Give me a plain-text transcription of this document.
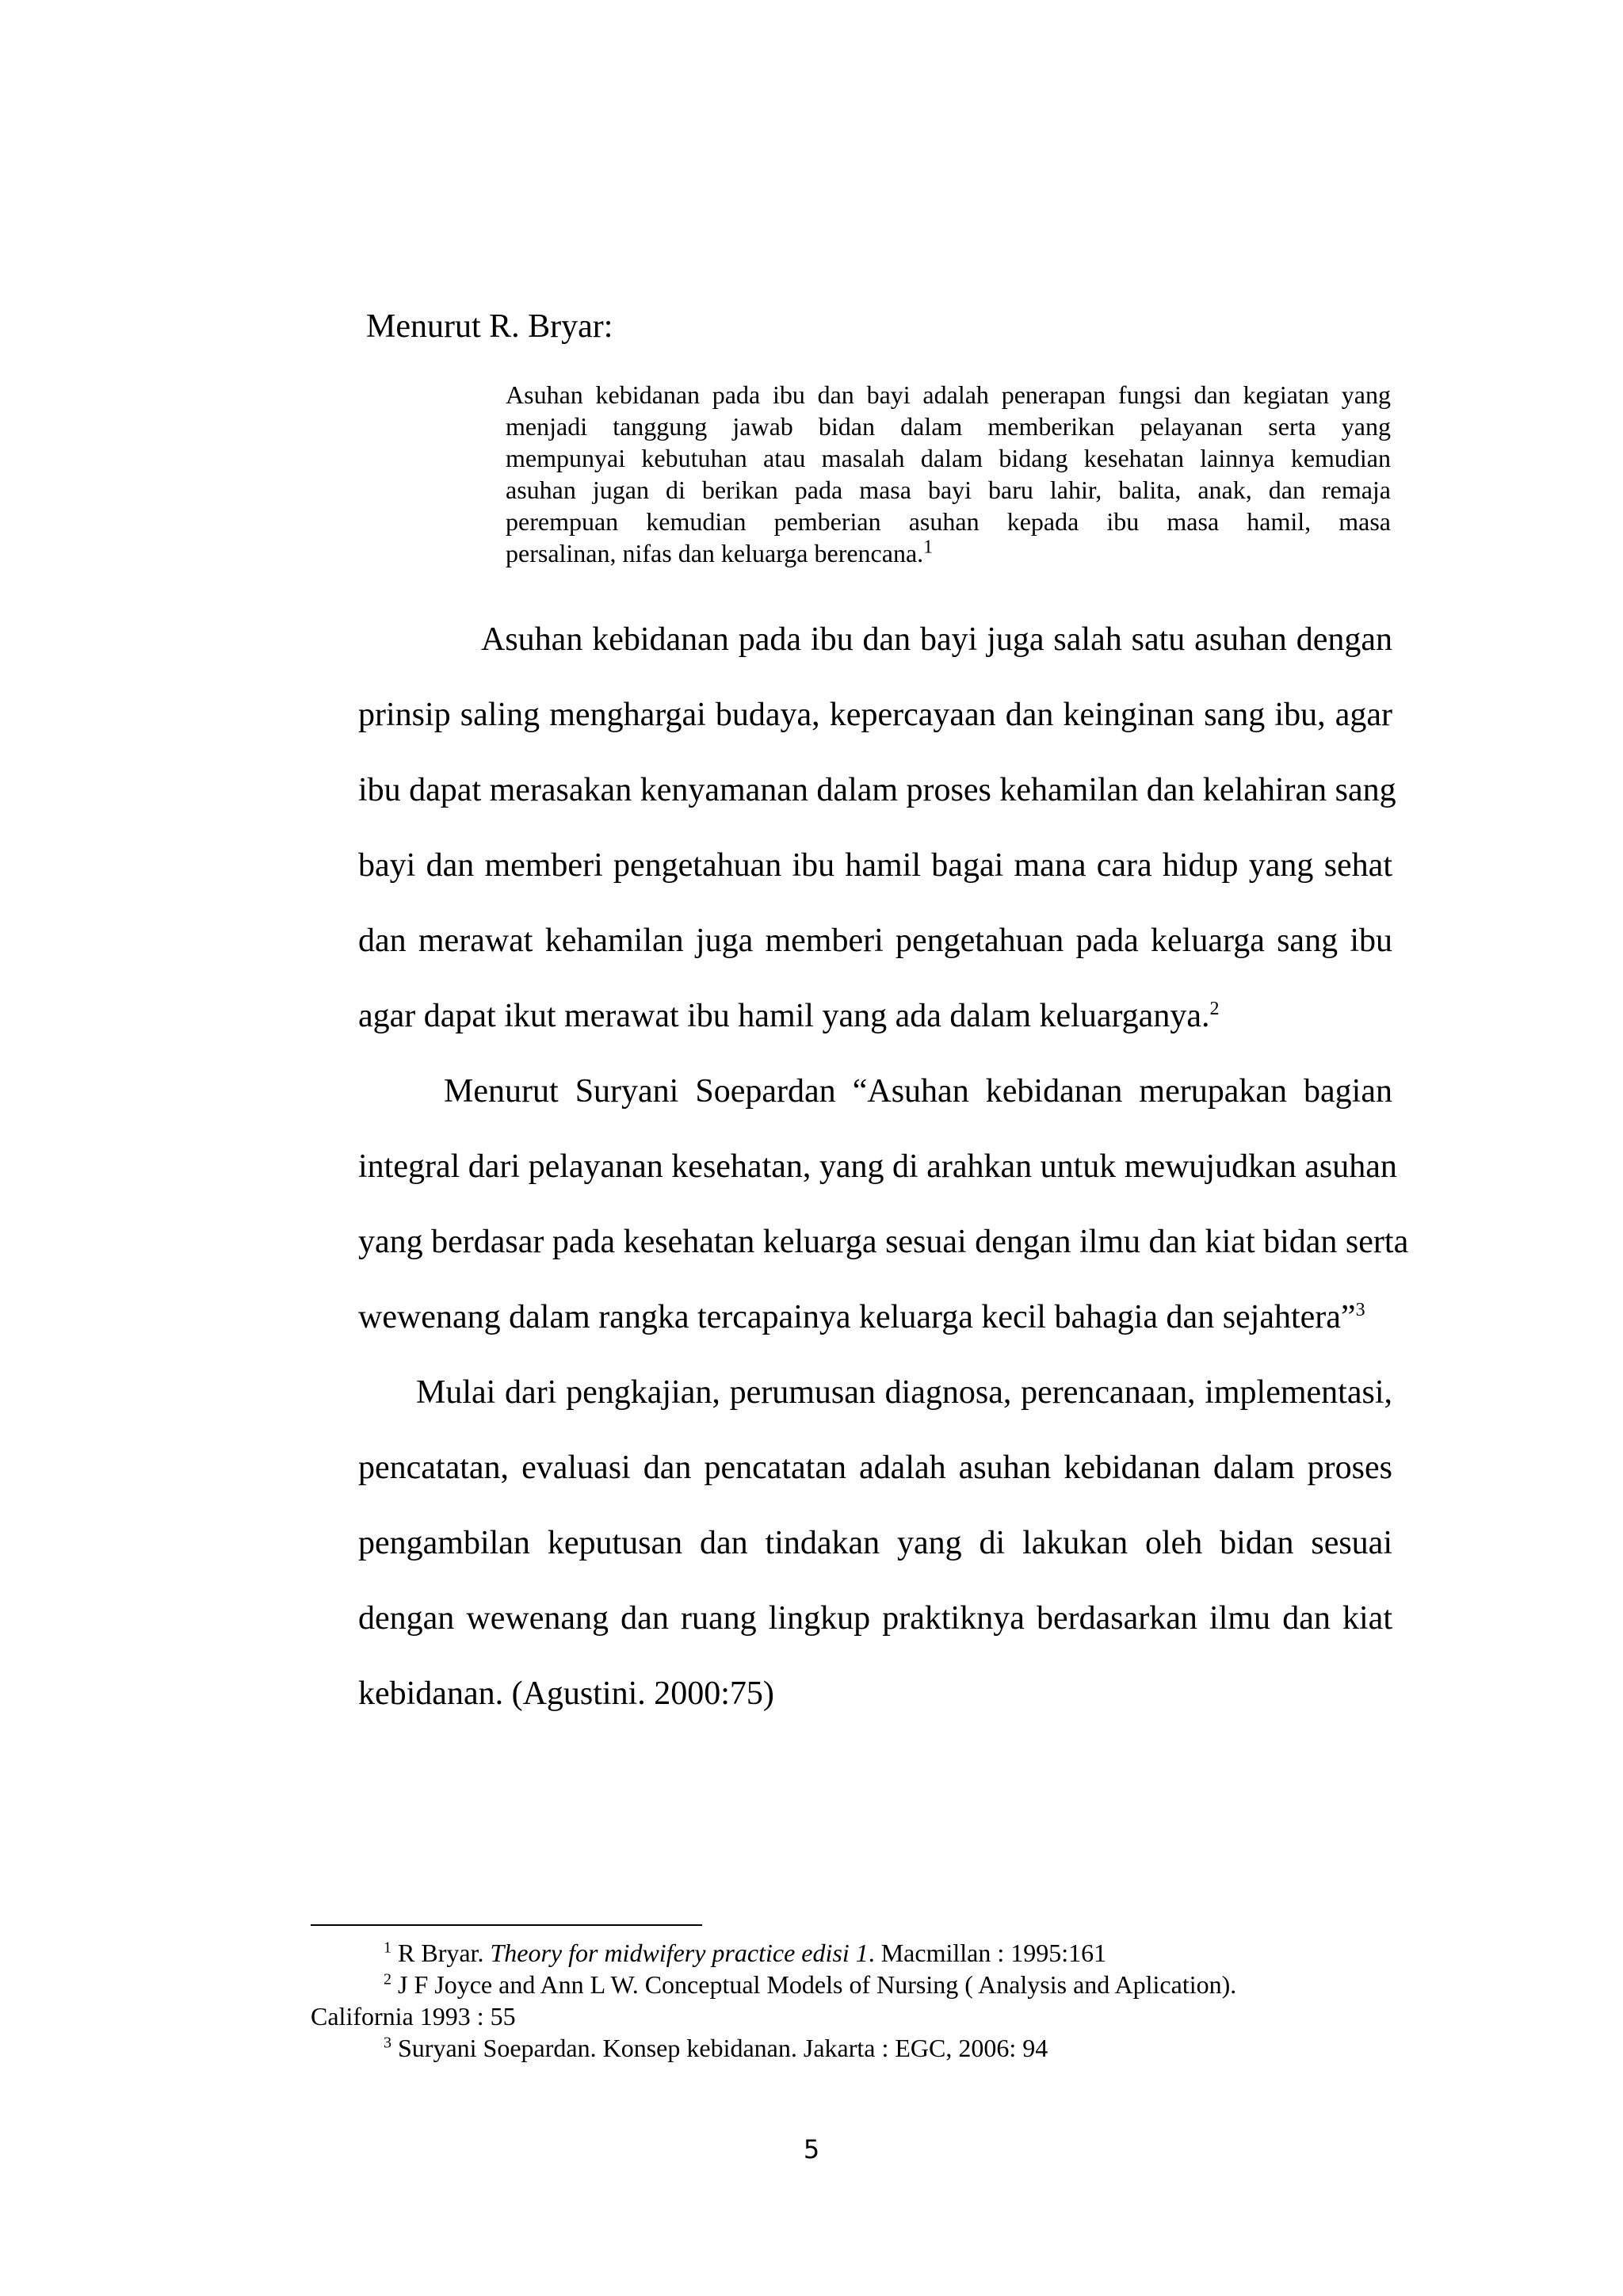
Menurut R. Bryar:
Asuhan kebidanan pada ibu dan bayi adalah penerapan fungsi dan kegiatan yang
menjadi tanggung jawab bidan dalam memberikan pelayanan serta yang
mempunyai kebutuhan atau masalah dalam bidang kesehatan lainnya kemudian
asuhan jugan di berikan pada masa bayi baru lahir, balita, anak, dan remaja
perempuan kemudian pemberian asuhan kepada ibu masa hamil, masa
persalinan, nifas dan keluarga berencana.$^1$
Asuhan kebidanan pada ibu dan bayi juga salah satu asuhan dengan
prinsip saling menghargai budaya, kepercayaan dan keinginan sang ibu, agar
ibu dapat merasakan kenyamanan dalam proses kehamilan dan kelahiran sang
bayi dan memberi pengetahuan ibu hamil bagai mana cara hidup yang sehat
dan merawat kehamilan juga memberi pengetahuan pada keluarga sang ibu
agar dapat ikut merawat ibu hamil yang ada dalam keluarganya.$^2$
Menurut Suryani Soepardan “Asuhan kebidanan merupakan bagian
integral dari pelayanan kesehatan, yang di arahkan untuk mewujudkan asuhan
yang berdasar pada kesehatan keluarga sesuai dengan ilmu dan kiat bidan serta
wewenang dalam rangka tercapainya keluarga kecil bahagia dan sejahtera”$^3$
Mulai dari pengkajian, perumusan diagnosa, perencanaan, implementasi,
pencatatan, evaluasi dan pencatatan adalah asuhan kebidanan dalam proses
pengambilan keputusan dan tindakan yang di lakukan oleh bidan sesuai
dengan wewenang dan ruang lingkup praktiknya berdasarkan ilmu dan kiat
kebidanan. (Agustini. 2000:75)
$^1$ R Bryar. Theory for midwifery practice edisi 1. Macmillan : 1995:161
$^2$ J F Joyce and Ann L W. Conceptual Models of Nursing ( Analysis and Aplication).
California 1993 : 55
$^3$ Suryani Soepardan. Konsep kebidanan. Jakarta : EGC, 2006: 94
5
